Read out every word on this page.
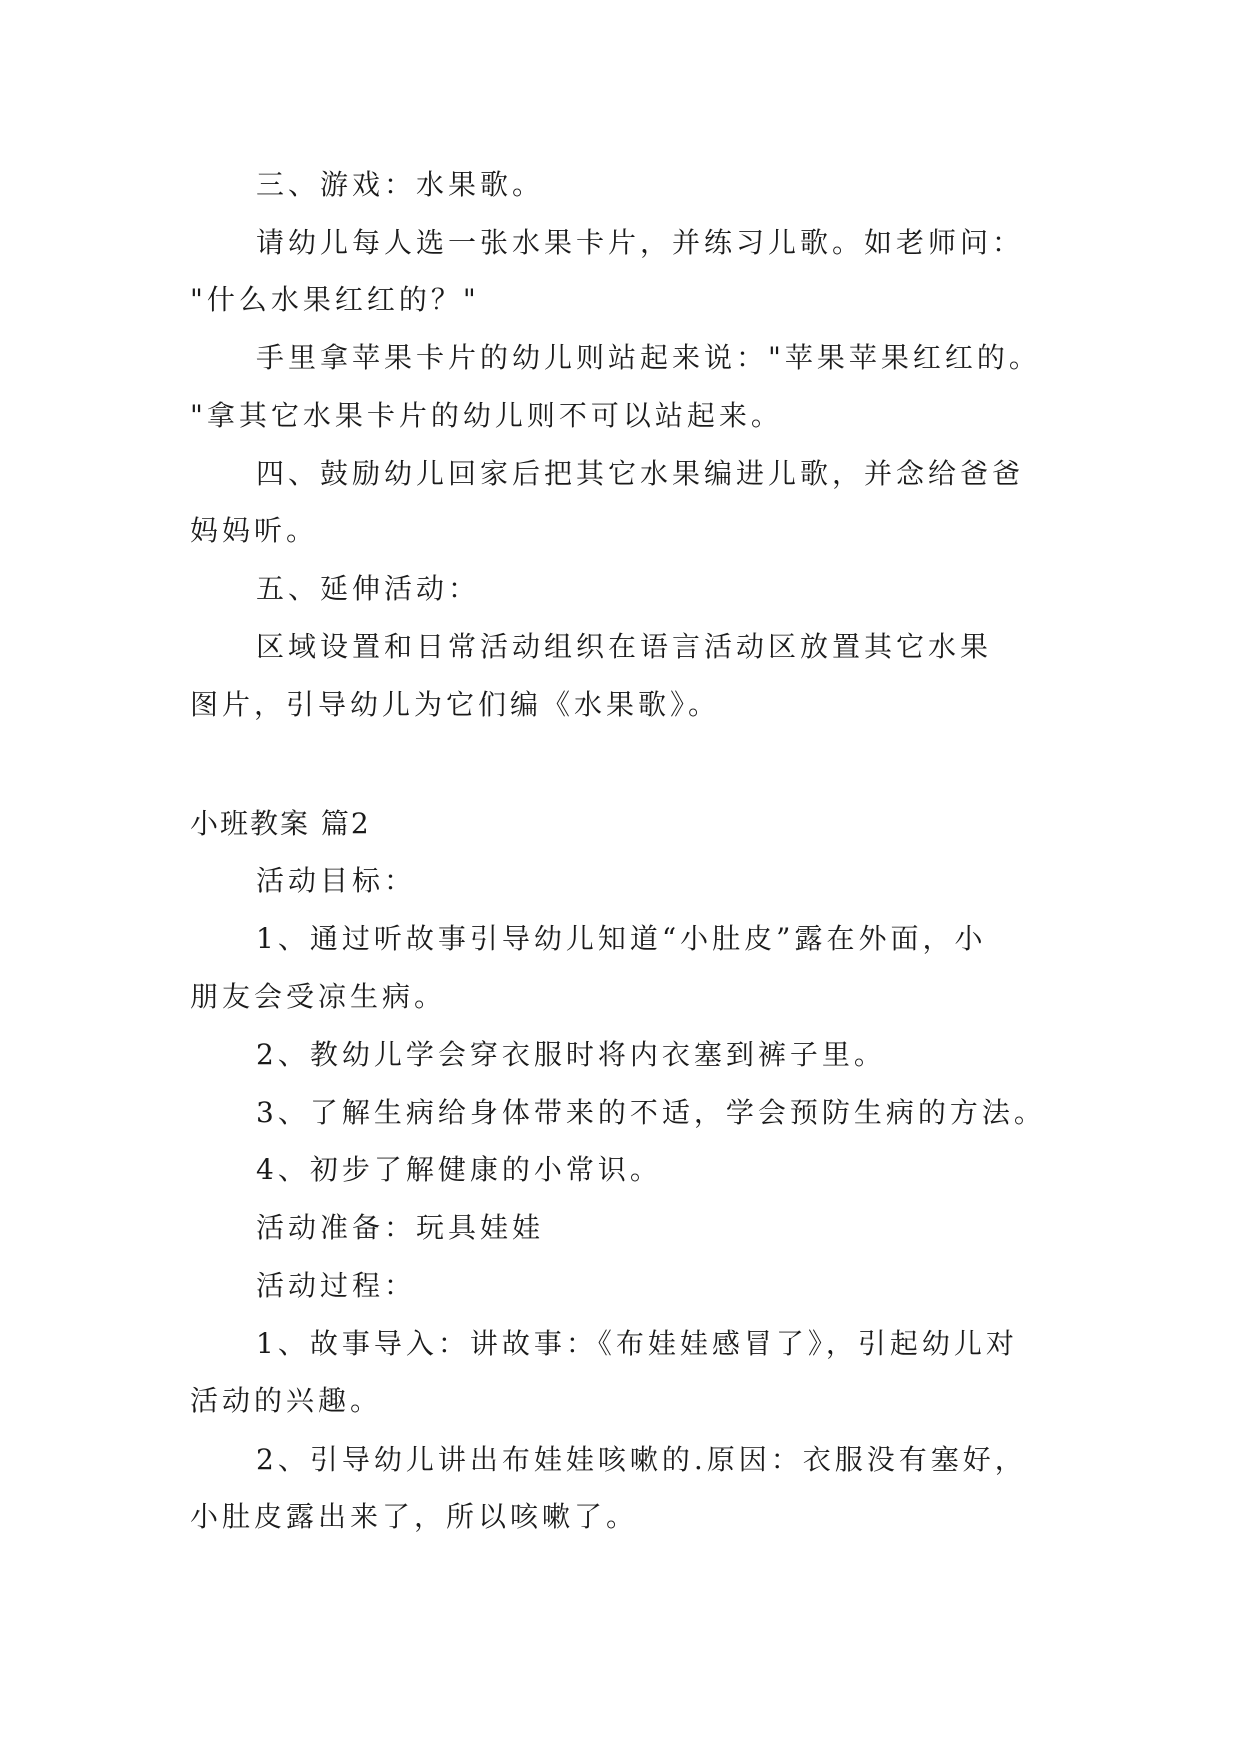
三、游戏：水果歌。

请幼儿每人选一张水果卡片，并练习儿歌。如老师问：

"什么水果红红的？"

手里拿苹果卡片的幼儿则站起来说："苹果苹果红红的。

"拿其它水果卡片的幼儿则不可以站起来。

四、鼓励幼儿回家后把其它水果编进儿歌，并念给爸爸

妈妈听。

五、延伸活动：

区域设置和日常活动组织在语言活动区放置其它水果

图片，引导幼儿为它们编《水果歌》。

小班教案 篇2

活动目标：

1、通过听故事引导幼儿知道“小肚皮”露在外面，小

朋友会受凉生病。

2、教幼儿学会穿衣服时将内衣塞到裤子里。

3、了解生病给身体带来的不适，学会预防生病的方法。

4、初步了解健康的小常识。

活动准备：玩具娃娃

活动过程：

1、故事导入：讲故事：《布娃娃感冒了》，引起幼儿对

活动的兴趣。

2、引导幼儿讲出布娃娃咳嗽的.原因：衣服没有塞好，

小肚皮露出来了，所以咳嗽了。
